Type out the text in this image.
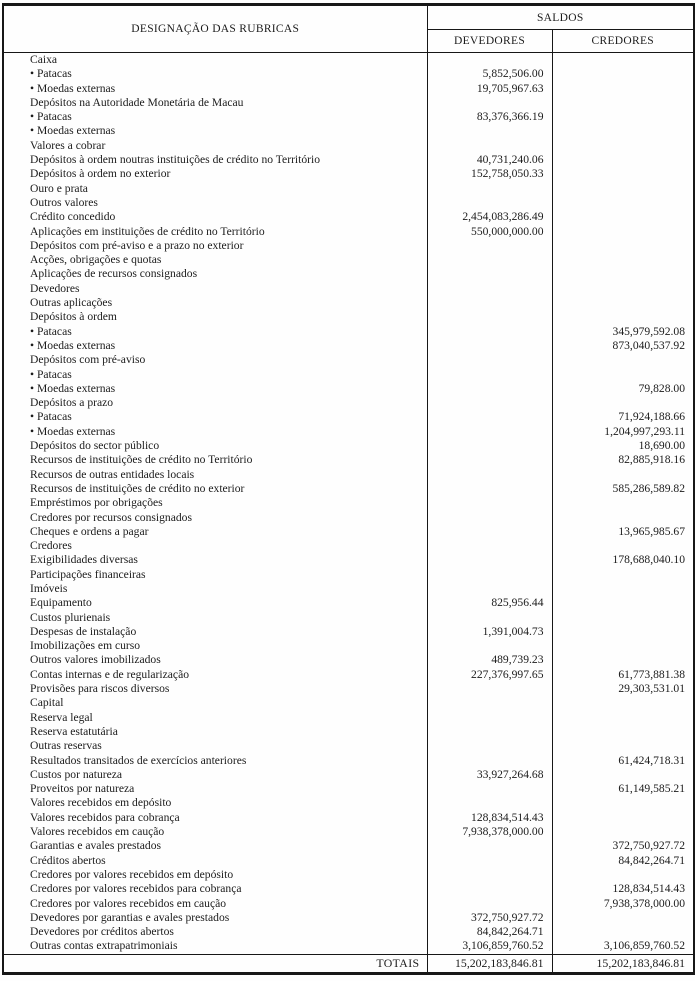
DESIGNAÇÃO DAS RUBRICAS	SALDOS	
	DEVEDORES	CREDORES
Caixa		
• Patacas	5,852,506.00	
• Moedas externas	19,705,967.63	
Depósitos na Autoridade Monetária de Macau		
• Patacas	83,376,366.19	
• Moedas externas		
Valores a cobrar		
Depósitos à ordem noutras instituições de crédito no Território	40,731,240.06	
Depósitos à ordem no exterior	152,758,050.33	
Ouro e prata		
Outros valores		
Crédito concedido	2,454,083,286.49	
Aplicações em instituições de crédito no Território	550,000,000.00	
Depósitos com pré-aviso e a prazo no exterior		
Acções, obrigações e quotas		
Aplicações de recursos consignados		
Devedores		
Outras aplicações		
Depósitos à ordem		
• Patacas		345,979,592.08
• Moedas externas		873,040,537.92
Depósitos com pré-aviso		
• Patacas		
• Moedas externas		79,828.00
Depósitos a prazo		
• Patacas		71,924,188.66
• Moedas externas		1,204,997,293.11
Depósitos do sector público		18,690.00
Recursos de instituições de crédito no Território		82,885,918.16
Recursos de outras entidades locais		
Recursos de instituições de crédito no exterior		585,286,589.82
Empréstimos por obrigações		
Credores por recursos consignados		
Cheques e ordens a pagar		13,965,985.67
Credores		
Exigibilidades diversas		178,688,040.10
Participações financeiras		
Imóveis		
Equipamento	825,956.44	
Custos plurienais		
Despesas de instalação	1,391,004.73	
Imobilizações em curso		
Outros valores imobilizados	489,739.23	
Contas internas e de regularização	227,376,997.65	61,773,881.38
Provisões para riscos diversos		29,303,531.01
Capital		
Reserva legal		
Reserva estatutária		
Outras reservas		
Resultados transitados de exercícios anteriores		61,424,718.31
Custos por natureza	33,927,264.68	
Proveitos por natureza		61,149,585.21
Valores recebidos em depósito		
Valores recebidos para cobrança	128,834,514.43	
Valores recebidos em caução	7,938,378,000.00	
Garantias e avales prestados		372,750,927.72
Créditos abertos		84,842,264.71
Credores por valores recebidos em depósito		
Credores por valores recebidos para cobrança		128,834,514.43
Credores por valores recebidos em caução		7,938,378,000.00
Devedores por garantias e avales prestados	372,750,927.72	
Devedores por créditos abertos	84,842,264.71	
Outras contas extrapatrimoniais	3,106,859,760.52	3,106,859,760.52
TOTAIS	15,202,183,846.81	15,202,183,846.81
